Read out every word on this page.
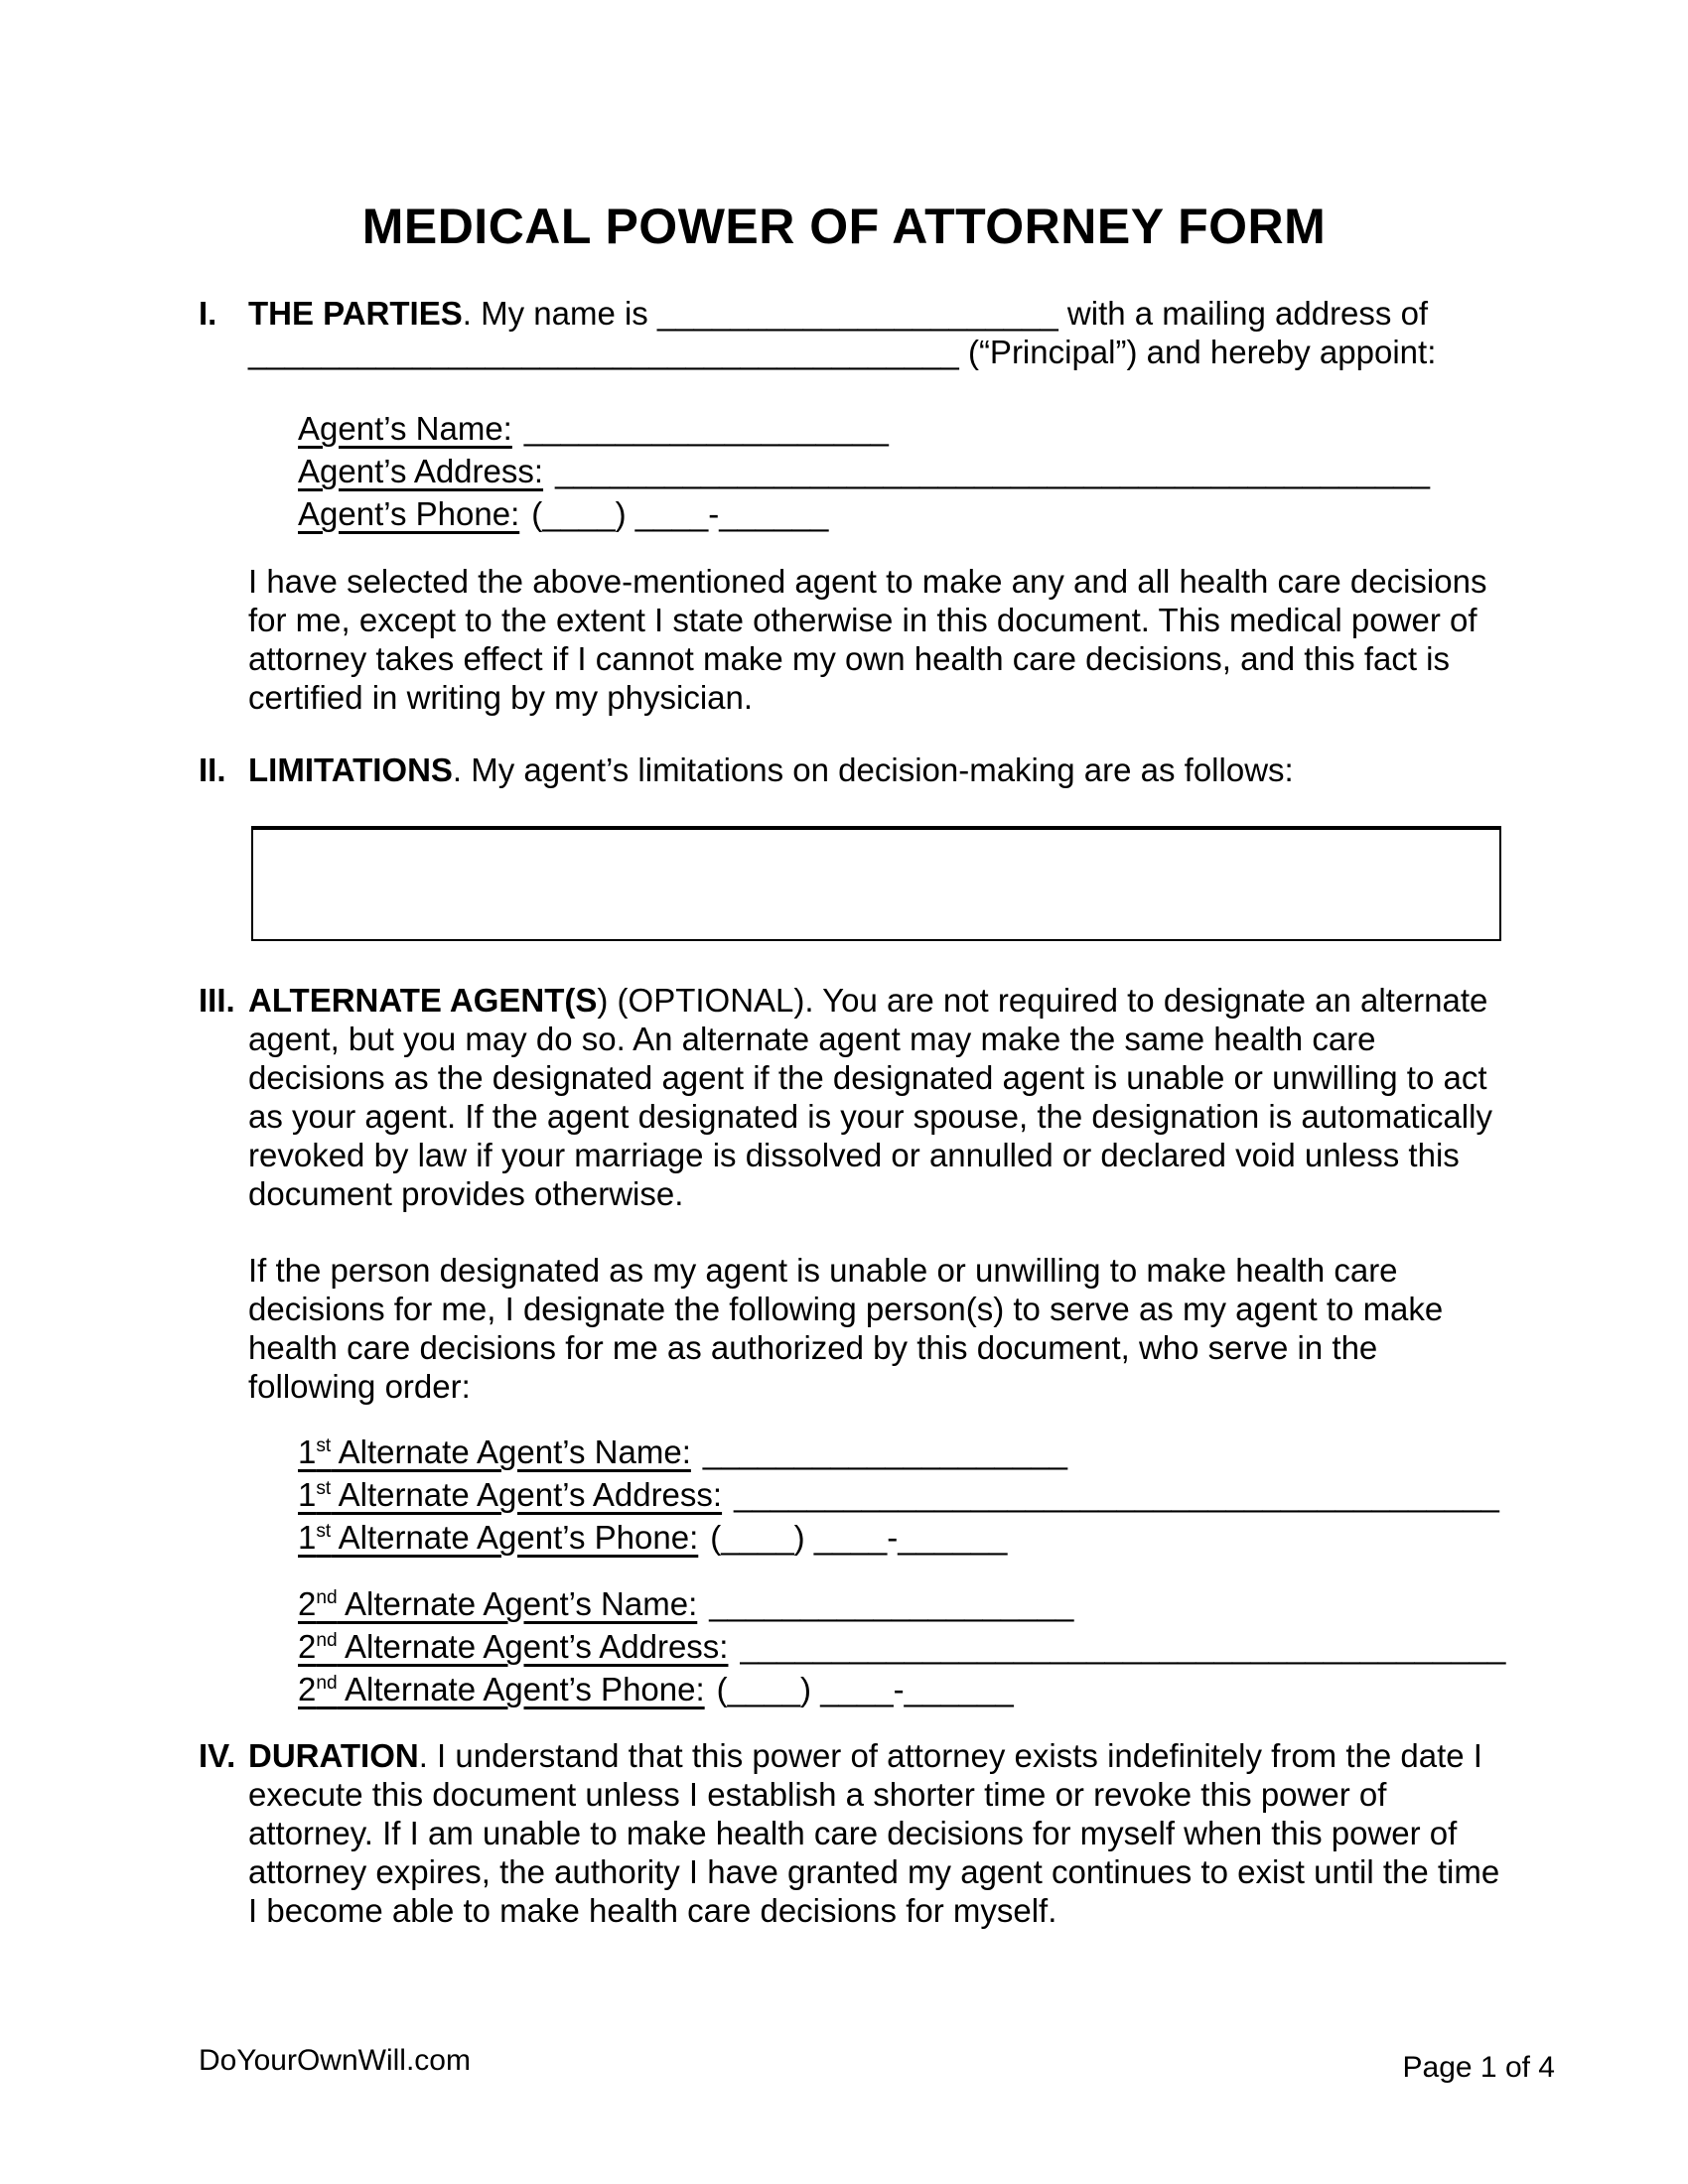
MEDICAL POWER OF ATTORNEY FORM
I. THE PARTIES. My name is ______________________ with a mailing address of
_______________________________________ (“Principal”) and hereby appoint:
Agent’s Name: ____________________
Agent’s Address: ________________________________________________
Agent’s Phone: (____) ____-______

I have selected the above-mentioned agent to make any and all health care decisions for me, except to the extent I state otherwise in this document. This medical power of attorney takes effect if I cannot make my own health care decisions, and this fact is certified in writing by my physician.

II. LIMITATIONS. My agent’s limitations on decision-making are as follows:
III. ALTERNATE AGENT(S) (OPTIONAL). You are not required to designate an alternate agent, but you may do so. An alternate agent may make the same health care decisions as the designated agent if the designated agent is unable or unwilling to act as your agent. If the agent designated is your spouse, the designation is automatically revoked by law if your marriage is dissolved or annulled or declared void unless this document provides otherwise.

If the person designated as my agent is unable or unwilling to make health care decisions for me, I designate the following person(s) to serve as my agent to make health care decisions for me as authorized by this document, who serve in the following order:

1st Alternate Agent’s Name: ____________________
1st Alternate Agent’s Address: __________________________________________
1st Alternate Agent’s Phone: (____) ____-______
2nd Alternate Agent’s Name: ____________________
2nd Alternate Agent’s Address: __________________________________________
2nd Alternate Agent’s Phone: (____) ____-______
IV. DURATION. I understand that this power of attorney exists indefinitely from the date I execute this document unless I establish a shorter time or revoke this power of attorney. If I am unable to make health care decisions for myself when this power of attorney expires, the authority I have granted my agent continues to exist until the time I become able to make health care decisions for myself.
DoYourOwnWill.com	Page 1 of 4
